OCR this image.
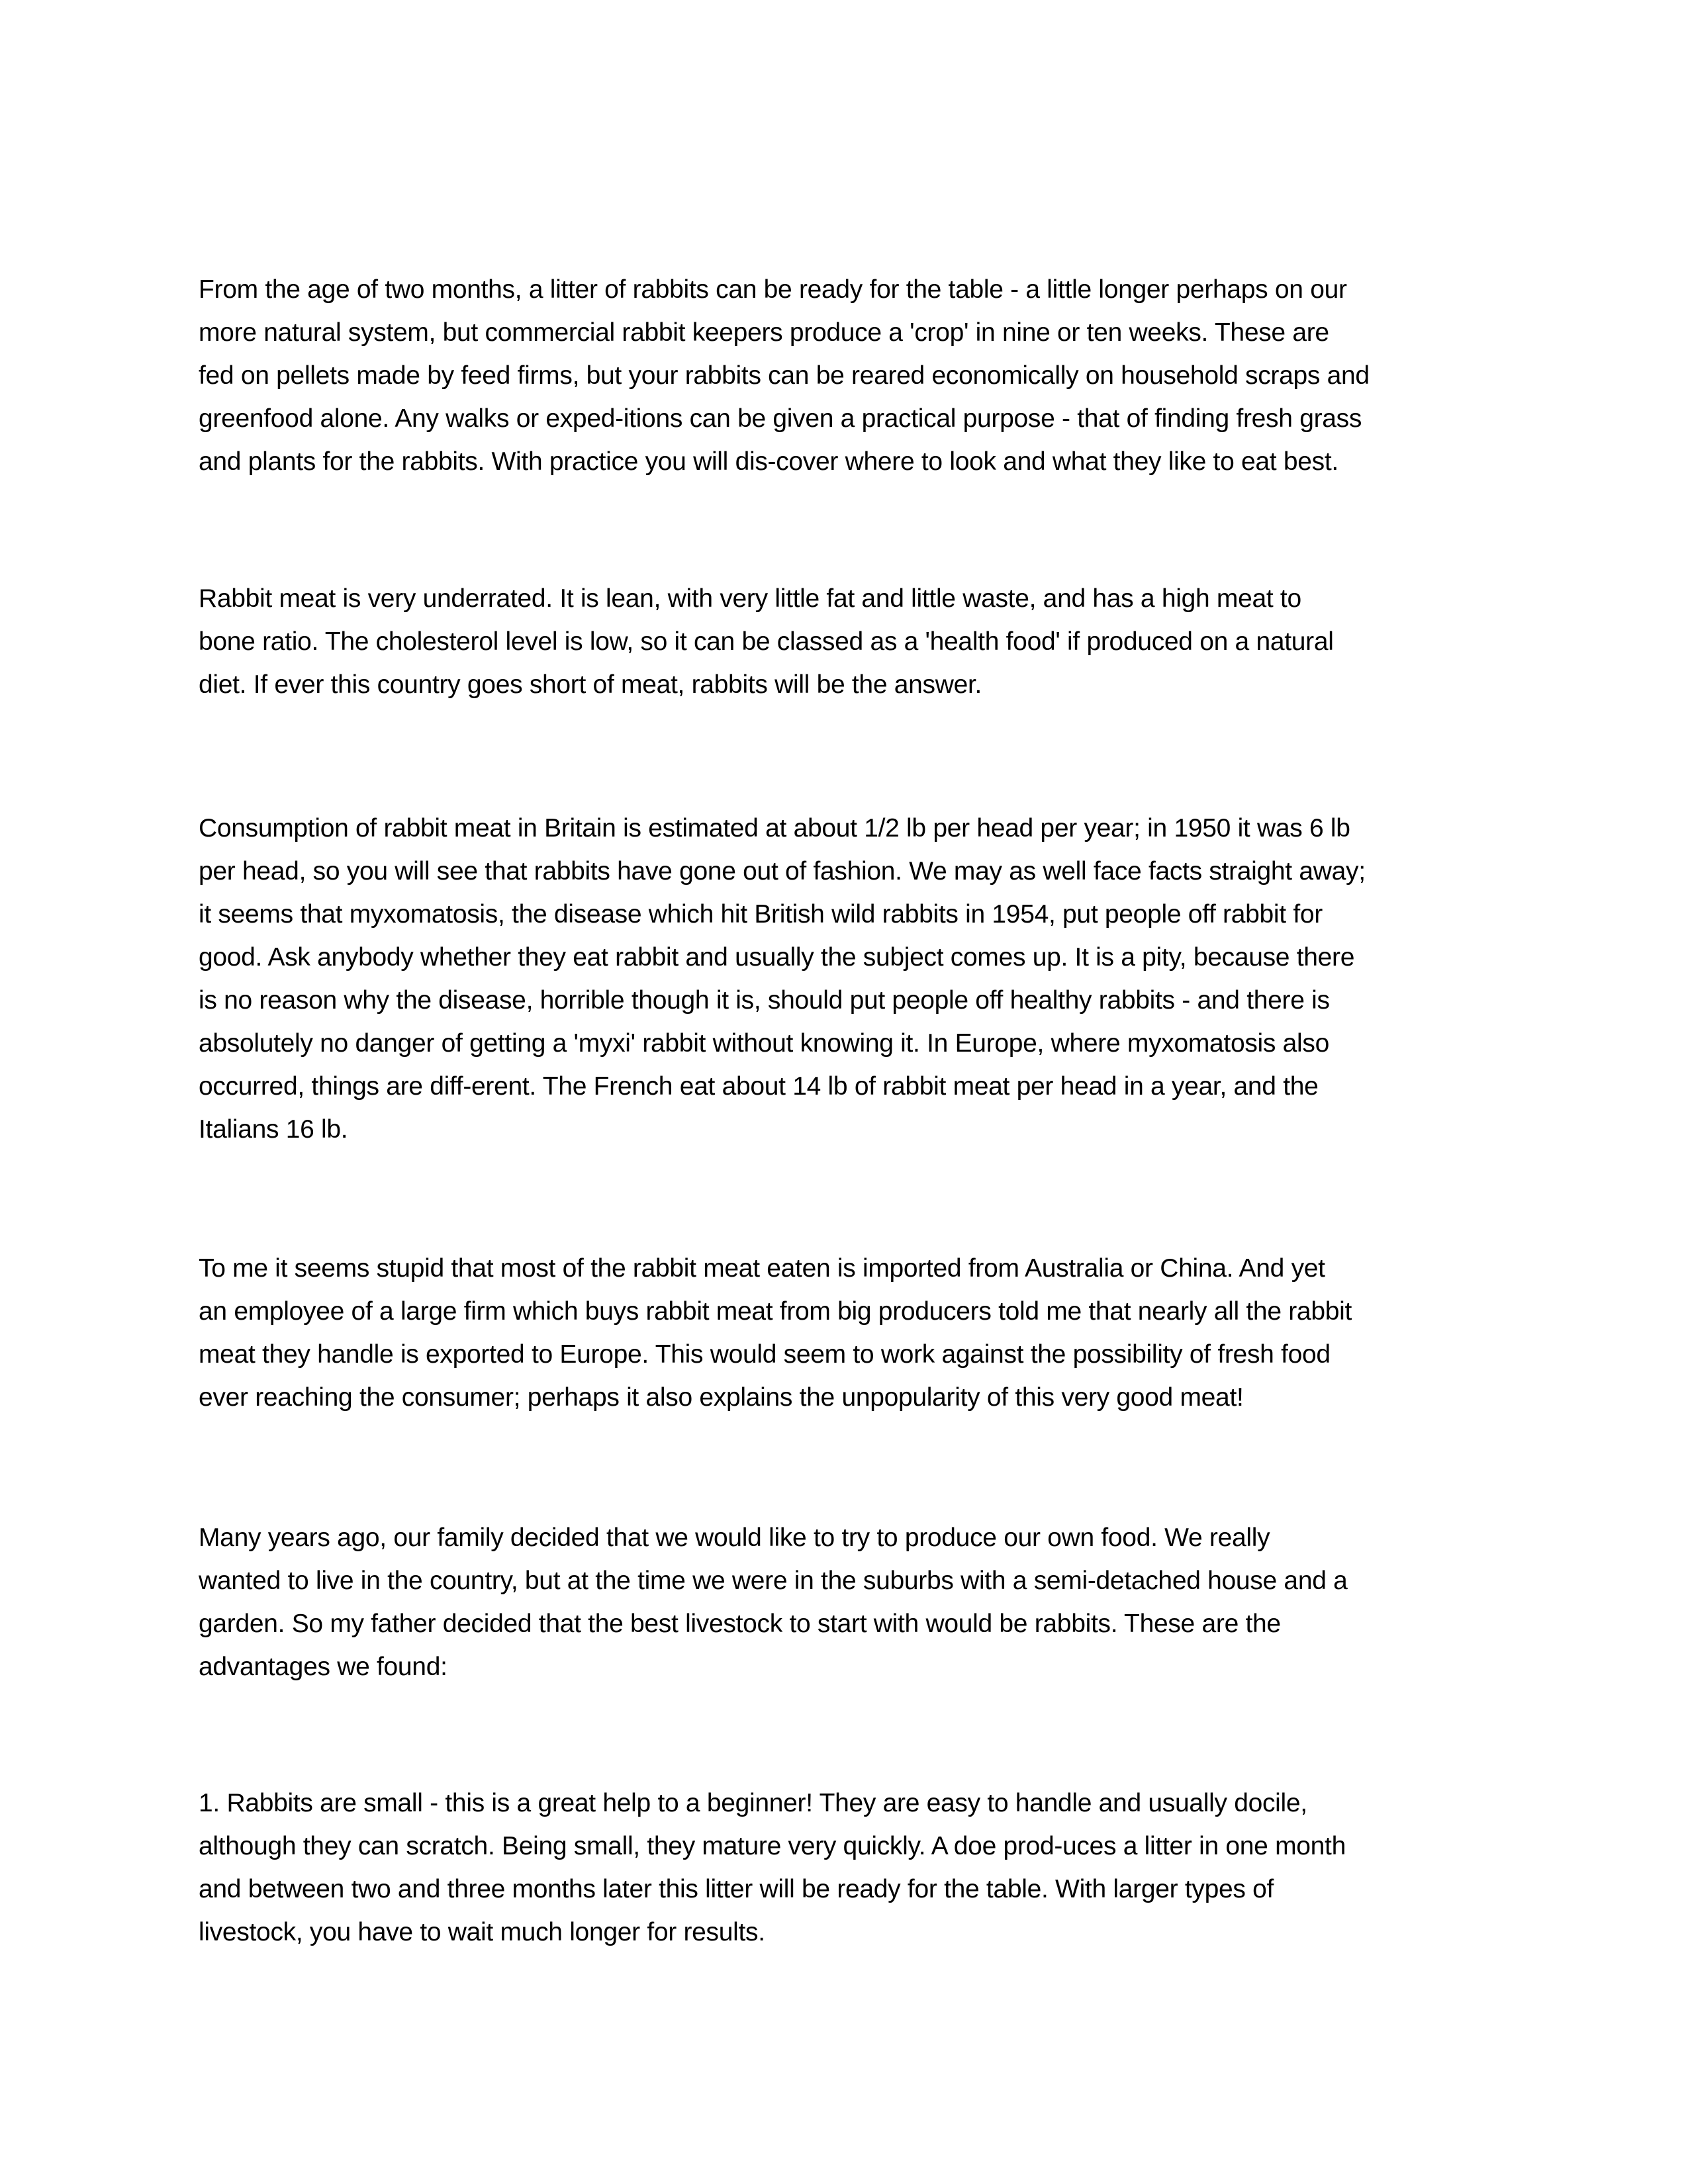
From the age of two months, a litter of rabbits can be ready for the table - a little longer perhaps on our
more natural system, but commercial rabbit keepers produce a 'crop' in nine or ten weeks. These are
fed on pellets made by feed firms, but your rabbits can be reared economically on household scraps and
greenfood alone. Any walks or exped-itions can be given a practical purpose - that of finding fresh grass
and plants for the rabbits. With practice you will dis-cover where to look and what they like to eat best.
Rabbit meat is very underrated. It is lean, with very little fat and little waste, and has a high meat to
bone ratio. The cholesterol level is low, so it can be classed as a 'health food' if produced on a natural
diet. If ever this country goes short of meat, rabbits will be the answer.
Consumption of rabbit meat in Britain is estimated at about 1/2 lb per head per year; in 1950 it was 6 lb
per head, so you will see that rabbits have gone out of fashion. We may as well face facts straight away;
it seems that myxomatosis, the disease which hit British wild rabbits in 1954, put people off rabbit for
good. Ask anybody whether they eat rabbit and usually the subject comes up. It is a pity, because there
is no reason why the disease, horrible though it is, should put people off healthy rabbits - and there is
absolutely no danger of getting a 'myxi' rabbit without knowing it. In Europe, where myxomatosis also
occurred, things are diff-erent. The French eat about 14 lb of rabbit meat per head in a year, and the
Italians 16 lb.
To me it seems stupid that most of the rabbit meat eaten is imported from Australia or China. And yet
an employee of a large firm which buys rabbit meat from big producers told me that nearly all the rabbit
meat they handle is exported to Europe. This would seem to work against the possibility of fresh food
ever reaching the consumer; perhaps it also explains the unpopularity of this very good meat!
Many years ago, our family decided that we would like to try to produce our own food. We really
wanted to live in the country, but at the time we were in the suburbs with a semi-detached house and a
garden. So my father decided that the best livestock to start with would be rabbits. These are the
advantages we found:
1. Rabbits are small - this is a great help to a beginner! They are easy to handle and usually docile,
although they can scratch. Being small, they mature very quickly. A doe prod-uces a litter in one month
and between two and three months later this litter will be ready for the table. With larger types of
livestock, you have to wait much longer for results.
